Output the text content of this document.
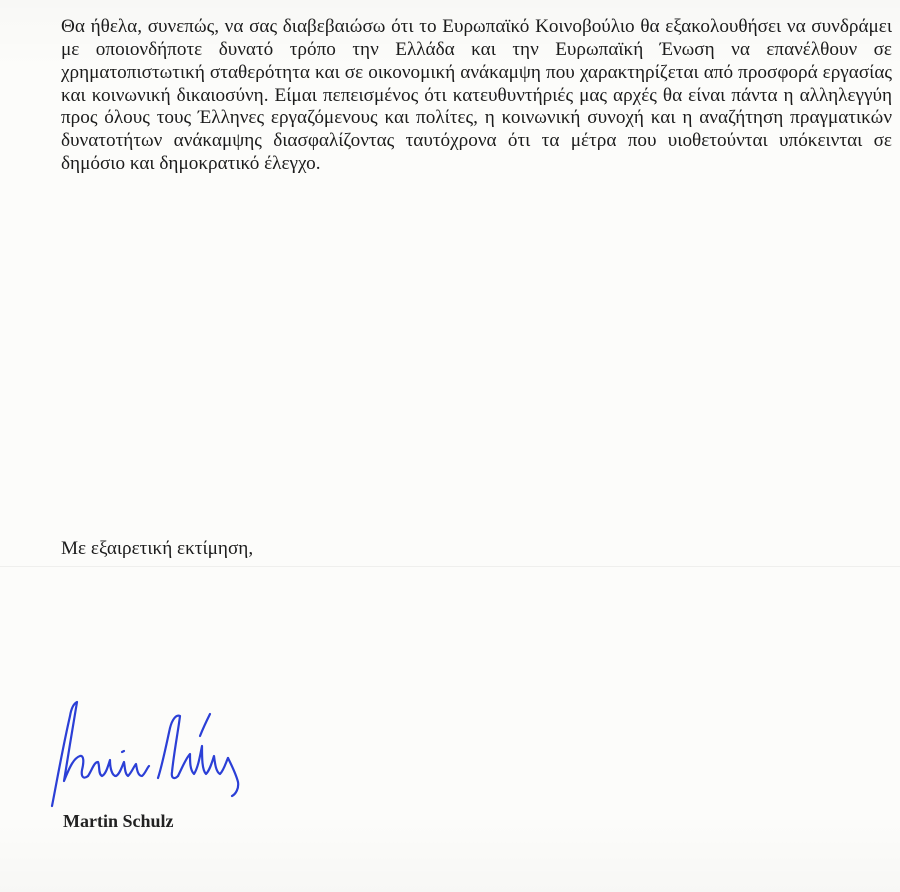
Θα ήθελα, συνεπώς, να σας διαβεβαιώσω ότι το Ευρωπαϊκό Κοινοβούλιο θα εξακολουθήσει να συνδράμει με οποιονδήποτε δυνατό τρόπο την Ελλάδα και την Ευρωπαϊκή Ένωση να επανέλθουν σε χρηματοπιστωτική σταθερότητα και σε οικονομική ανάκαμψη που χαρακτηρίζεται από προσφορά εργασίας και κοινωνική δικαιοσύνη. Είμαι πεπεισμένος ότι κατευθυντήριές μας αρχές θα είναι πάντα η αλληλεγγύη προς όλους τους Έλληνες εργαζόμενους και πολίτες, η κοινωνική συνοχή και η αναζήτηση πραγματικών δυνατοτήτων ανάκαμψης διασφαλίζοντας ταυτόχρονα ότι τα μέτρα που υιοθετούνται υπόκεινται σε δημόσιο και δημοκρατικό έλεγχο.

Με εξαιρετική εκτίμηση,
Martin Schulz
